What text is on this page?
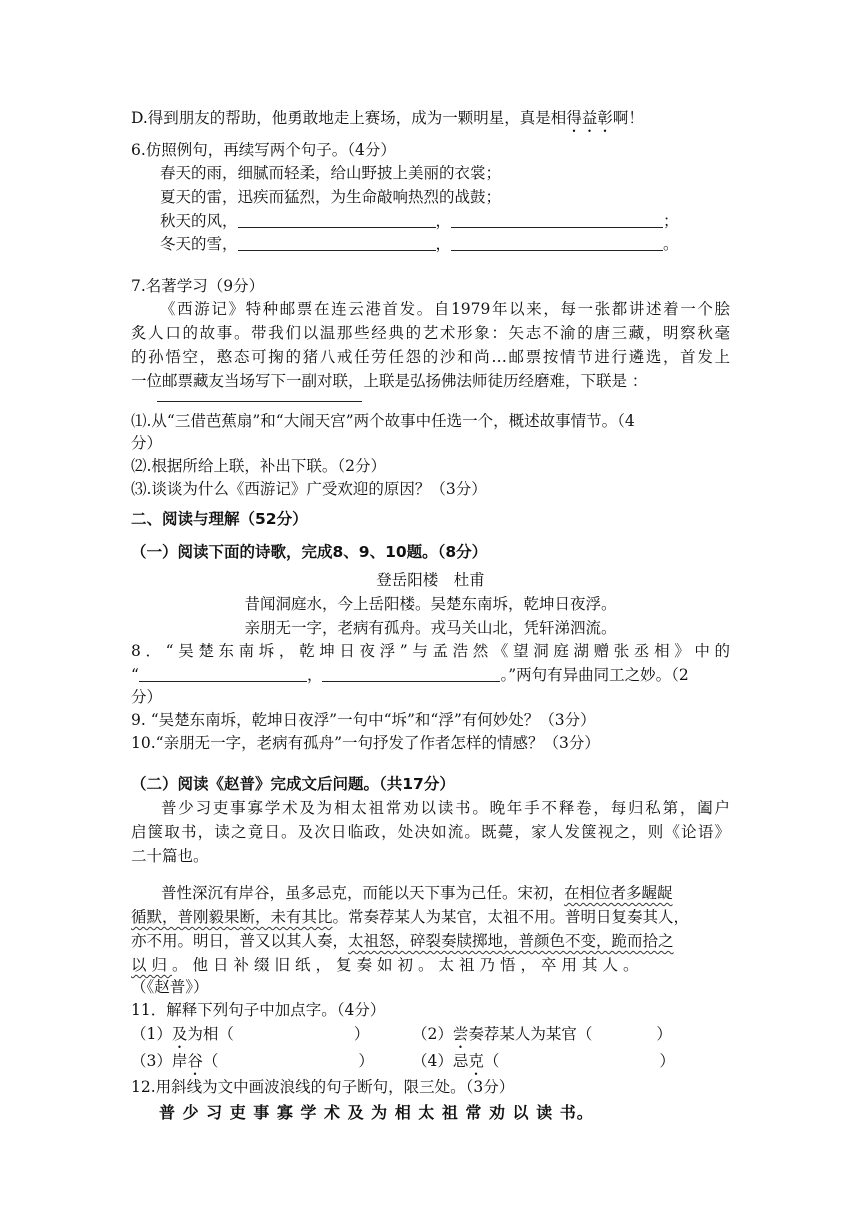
D.得到朋友的帮助，他勇敢地走上赛场，成为一颗明星，真是相得益彰啊！
6.仿照例句，再续写两个句子。（4分）
春天的雨，细腻而轻柔，给山野披上美丽的衣裳；
夏天的雷，迅疾而猛烈，为生命敲响热烈的战鼓；
秋天的风，	，	；
冬天的雪，	，	。
7.名著学习（9分）
《西游记》特种邮票在连云港首发。自1979年以来，每一张都讲述着一个脍
炙人口的故事。带我们以温那些经典的艺术形象：矢志不渝的唐三藏，明察秋毫
的孙悟空，憨态可掬的猪八戒任劳任怨的沙和尚…邮票按情节进行遴选，首发上
一位邮票藏友当场写下一副对联，上联是弘扬佛法师徒历经磨难，下联是 ：
⑴.从“三借芭蕉扇”和“大闹天宫”两个故事中任选一个，概述故事情节。（4
分）
⑵.根据所给上联，补出下联。（2分）
⑶.谈谈为什么《西游记》广受欢迎的原因？（3分）
二、阅读与理解（52分）
（一）阅读下面的诗歌，完成8、9、10题。（8分）
登岳阳楼　杜甫
昔闻洞庭水，今上岳阳楼。吴楚东南坼，乾坤日夜浮。
亲朋无一字，老病有孤舟。戎马关山北，凭轩涕泗流。
8．“吴楚东南坼，乾坤日夜浮”与孟浩然《望洞庭湖赠张丞相》中的
“	，	。”两句有异曲同工之妙。（2
分）
9. “吴楚东南坼，乾坤日夜浮”一句中“坼”和“浮”有何妙处？（3分）
10.“亲朋无一字，老病有孤舟”一句抒发了作者怎样的情感？（3分）
（二）阅读《赵普》完成文后问题。（共17分）
普少习吏事寡学术及为相太祖常劝以读书。晚年手不释卷，每归私第，阖户
启箧取书，读之竟日。及次日临政，处决如流。既薨，家人发箧视之，则《论语》
二十篇也。
普性深沉有岸谷，虽多忌克，而能以天下事为己任。宋初，在相位者多龌龊
循默，普刚毅果断，未有其比。常奏荐某人为某官，太祖不用。普明日复奏其人，
亦不用。明日，普又以其人奏，太祖怒，碎裂奏牍掷地，普颜色不变，跪而拾之
以归。他日补缀旧纸，复奏如初。太祖乃悟，卒用其人。
（《赵普》）
11．解释下列句子中加点字。（4分）
（1）及为相（	）	（2）尝奏荐某人为某官（	）
（3）岸谷（	） （4）忌克（	）
12.用斜线为文中画波浪线的句子断句，限三处。（3分）
普 少 习 吏 事 寡 学 术 及 为 相 太 祖 常 劝 以 读 书。
